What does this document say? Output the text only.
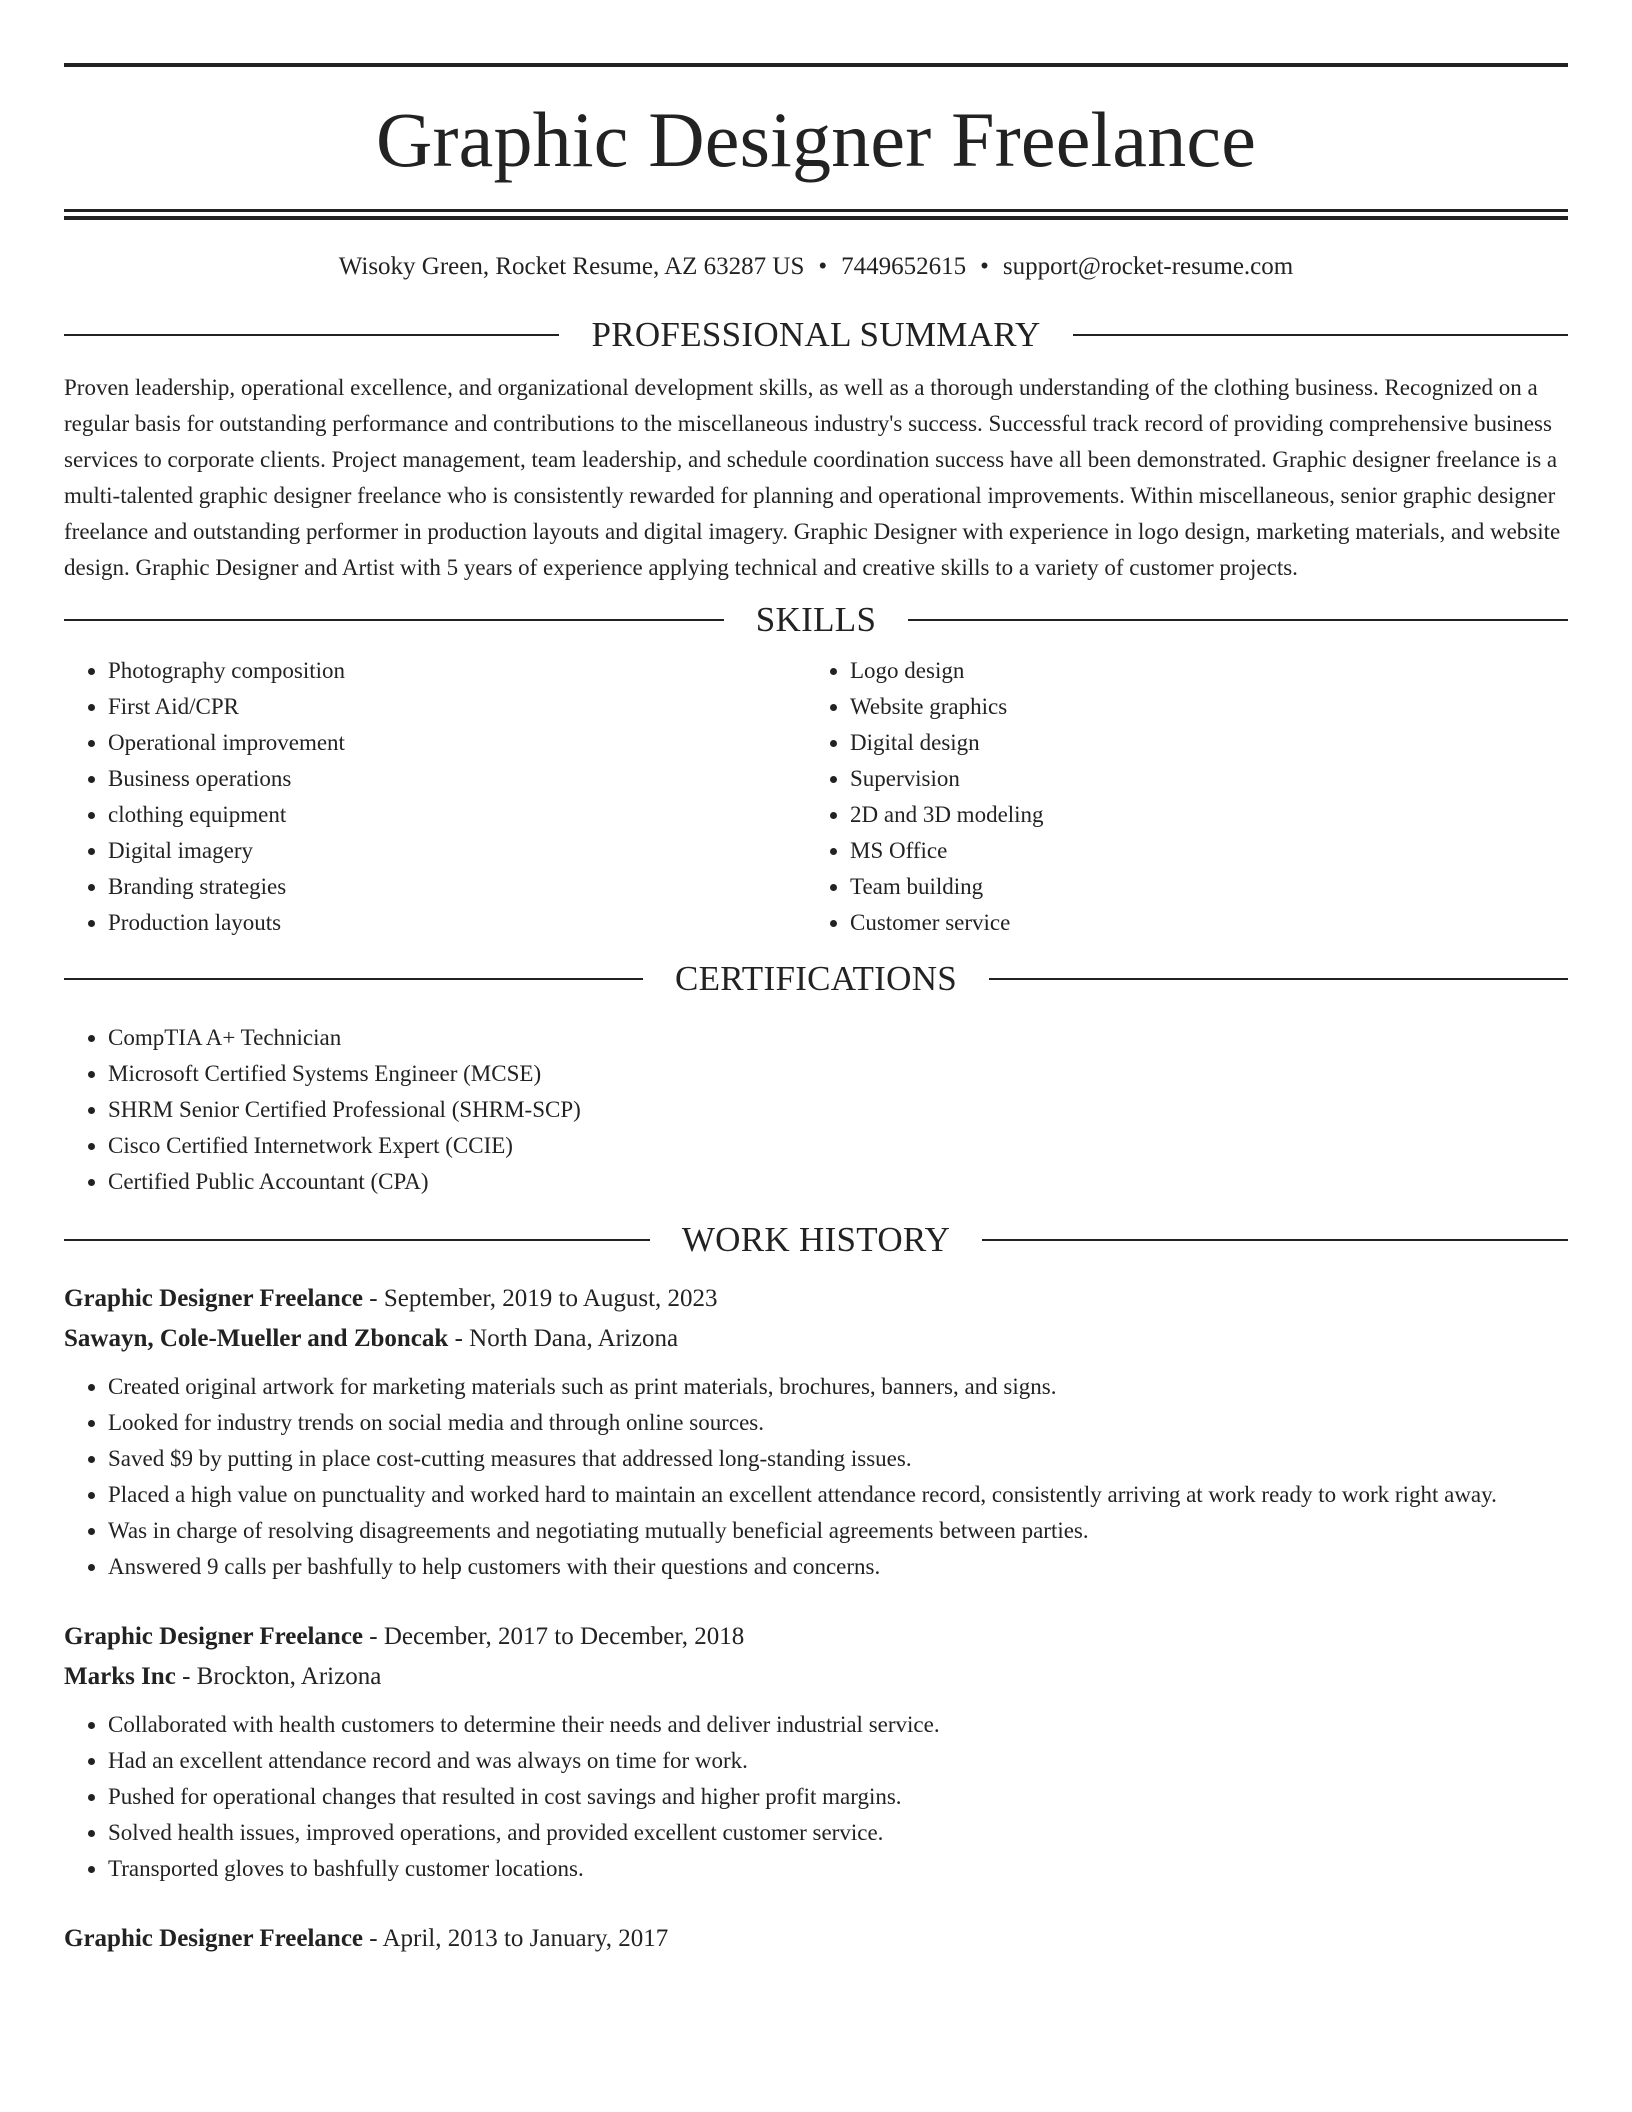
Graphic Designer Freelance
Wisoky Green, Rocket Resume, AZ 63287 US • 7449652615 • support@rocket-resume.com
PROFESSIONAL SUMMARY
Proven leadership, operational excellence, and organizational development skills, as well as a thorough understanding of the clothing business. Recognized on a regular basis for outstanding performance and contributions to the miscellaneous industry's success. Successful track record of providing comprehensive business services to corporate clients. Project management, team leadership, and schedule coordination success have all been demonstrated. Graphic designer freelance is a multi-talented graphic designer freelance who is consistently rewarded for planning and operational improvements. Within miscellaneous, senior graphic designer freelance and outstanding performer in production layouts and digital imagery. Graphic Designer with experience in logo design, marketing materials, and website design. Graphic Designer and Artist with 5 years of experience applying technical and creative skills to a variety of customer projects.
SKILLS
• Photography composition
• First Aid/CPR
• Operational improvement
• Business operations
• clothing equipment
• Digital imagery
• Branding strategies
• Production layouts
• Logo design
• Website graphics
• Digital design
• Supervision
• 2D and 3D modeling
• MS Office
• Team building
• Customer service
CERTIFICATIONS
• CompTIA A+ Technician
• Microsoft Certified Systems Engineer (MCSE)
• SHRM Senior Certified Professional (SHRM-SCP)
• Cisco Certified Internetwork Expert (CCIE)
• Certified Public Accountant (CPA)
WORK HISTORY
Graphic Designer Freelance - September, 2019 to August, 2023
Sawayn, Cole-Mueller and Zboncak - North Dana, Arizona
• Created original artwork for marketing materials such as print materials, brochures, banners, and signs.
• Looked for industry trends on social media and through online sources.
• Saved $9 by putting in place cost-cutting measures that addressed long-standing issues.
• Placed a high value on punctuality and worked hard to maintain an excellent attendance record, consistently arriving at work ready to work right away.
• Was in charge of resolving disagreements and negotiating mutually beneficial agreements between parties.
• Answered 9 calls per bashfully to help customers with their questions and concerns.
Graphic Designer Freelance - December, 2017 to December, 2018
Marks Inc - Brockton, Arizona
• Collaborated with health customers to determine their needs and deliver industrial service.
• Had an excellent attendance record and was always on time for work.
• Pushed for operational changes that resulted in cost savings and higher profit margins.
• Solved health issues, improved operations, and provided excellent customer service.
• Transported gloves to bashfully customer locations.
Graphic Designer Freelance - April, 2013 to January, 2017
